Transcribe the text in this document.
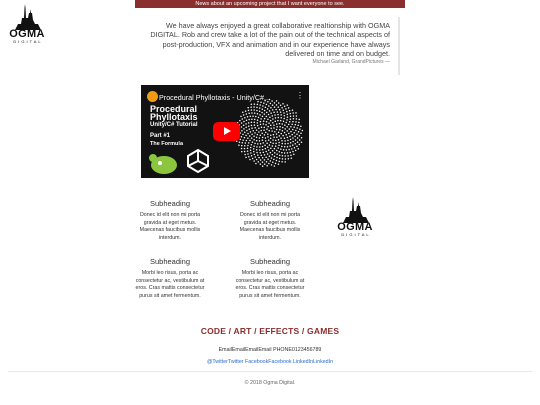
News about an upcoming project that I want everyone to see.
OGMA
DIGITAL
We have always enjoyed a great collaborative reaItionship with OGMA DIGITAL. Rob and crew take a lot of the pain out of the technical aspects of post-production, VFX and animation and in our experience have always delivered on time and on budget.
Michael Garland, GrandPictures —
Procedural Phyllotaxis - Unity/C#...	⋮
Procedural
Phyllotaxis
Unity/C# Tutorial
Part #1
The Formula
Subheading
Donec id elit non mi porta gravida at eget metus. Maecenas faucibus mollis interdum.
Subheading
Donec id elit non mi porta gravida at eget metus. Maecenas faucibus mollis interdum.
Subheading
Morbi leo risus, porta ac consectetur ac, vestibulum at eros. Cras mattis consectetur purus sit amet fermentum.
Subheading
Morbi leo risus, porta ac consectetur ac, vestibulum at eros. Cras mattis consectetur purus sit amet fermentum.
OGMA
DIGITAL
CODE / ART / EFFECTS / GAMES
EmailEmailEmailEmail PHONE0123456789
@TwitterTwitter FacebookFacebook LinkedInLinkedIn
© 2018 Ogma Digital.
